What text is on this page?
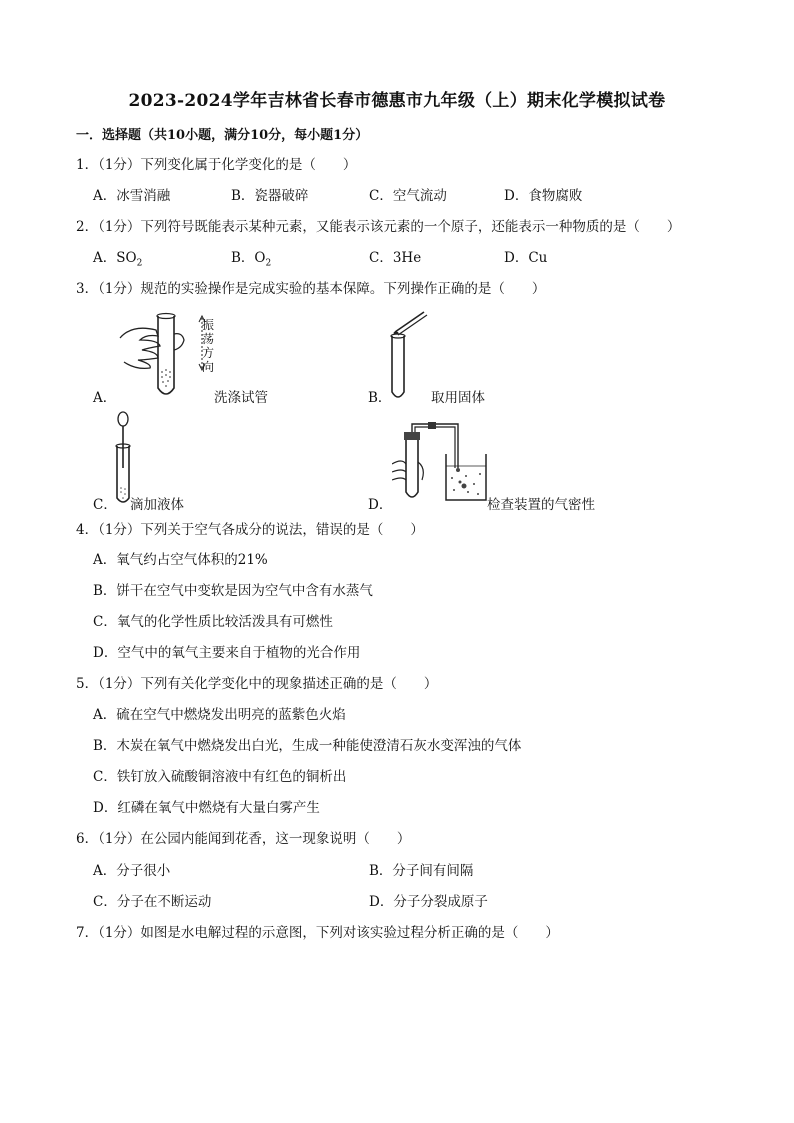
2023-2024学年吉林省长春市德惠市九年级（上）期末化学模拟试卷
一．选择题（共10小题，满分10分，每小题1分）
1．（1分）下列变化属于化学变化的是（　　）
A．冰雪消融	B．瓷器破碎	C．空气流动	D．食物腐败
2．（1分）下列符号既能表示某种元素，又能表示该元素的一个原子，还能表示一种物质的是（　　）
A．$SO_2$	B．$O_2$	C．3He	D．Cu
3．（1分）规范的实验操作是完成实验的基本保障。下列操作正确的是（　　）
A．
振荡方向
洗涤试管	B．	取用固体
C． 滴加液体	D．	检查装置的气密性
4．（1分）下列关于空气各成分的说法，错误的是（　　）
A．氧气约占空气体积的21%
B．饼干在空气中变软是因为空气中含有水蒸气
C．氧气的化学性质比较活泼具有可燃性
D．空气中的氧气主要来自于植物的光合作用
5．（1分）下列有关化学变化中的现象描述正确的是（　　）
A．硫在空气中燃烧发出明亮的蓝紫色火焰
B．木炭在氧气中燃烧发出白光，生成一种能使澄清石灰水变浑浊的气体
C．铁钉放入硫酸铜溶液中有红色的铜析出
D．红磷在氧气中燃烧有大量白雾产生
6．（1分）在公园内能闻到花香，这一现象说明（　　）
A．分子很小	B．分子间有间隔
C．分子在不断运动	D．分子分裂成原子
7．（1分）如图是水电解过程的示意图，下列对该实验过程分析正确的是（　　）
